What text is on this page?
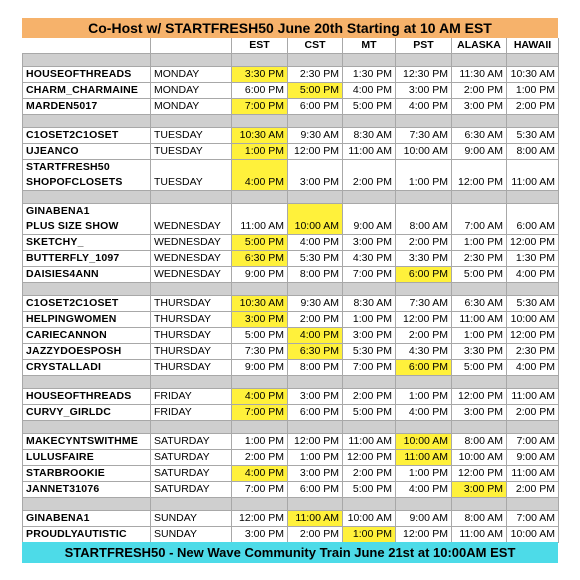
Co-Host w/ STARTFRESH50 June 20th Starting at 10 AM EST
		EST	CST	MT	PST	ALASKA	HAWAII

HOUSEOFTHREADS	MONDAY	3:30 PM	2:30 PM	1:30 PM	12:30 PM	11:30 AM	10:30 AM

CHARM_CHARMAINE	MONDAY	6:00 PM	5:00 PM	4:00 PM	3:00 PM	2:00 PM	1:00 PM

MARDEN5017	MONDAY	7:00 PM	6:00 PM	5:00 PM	4:00 PM	3:00 PM	2:00 PM

C1OSET2C1OSET	TUESDAY	10:30 AM	9:30 AM	8:30 AM	7:30 AM	6:30 AM	5:30 AM

UJEANCO	TUESDAY	1:00 PM	12:00 PM	11:00 AM	10:00 AM	9:00 AM	8:00 AM

STARTFRESH50
SHOPOFCLOSETS	TUESDAY	4:00 PM	3:00 PM	2:00 PM	1:00 PM	12:00 PM	11:00 AM

GINABENA1
PLUS SIZE SHOW	WEDNESDAY	11:00 AM	10:00 AM	9:00 AM	8:00 AM	7:00 AM	6:00 AM

SKETCHY_	WEDNESDAY	5:00 PM	4:00 PM	3:00 PM	2:00 PM	1:00 PM	12:00 PM

BUTTERFLY_1097	WEDNESDAY	6:30 PM	5:30 PM	4:30 PM	3:30 PM	2:30 PM	1:30 PM

DAISIES4ANN	WEDNESDAY	9:00 PM	8:00 PM	7:00 PM	6:00 PM	5:00 PM	4:00 PM

C1OSET2C1OSET	THURSDAY	10:30 AM	9:30 AM	8:30 AM	7:30 AM	6:30 AM	5:30 AM

HELPINGWOMEN	THURSDAY	3:00 PM	2:00 PM	1:00 PM	12:00 PM	11:00 AM	10:00 AM

CARIECANNON	THURSDAY	5:00 PM	4:00 PM	3:00 PM	2:00 PM	1:00 PM	12:00 PM

JAZZYDOESPOSH	THURSDAY	7:30 PM	6:30 PM	5:30 PM	4:30 PM	3:30 PM	2:30 PM

CRYSTALLADI	THURSDAY	9:00 PM	8:00 PM	7:00 PM	6:00 PM	5:00 PM	4:00 PM

HOUSEOFTHREADS	FRIDAY	4:00 PM	3:00 PM	2:00 PM	1:00 PM	12:00 PM	11:00 AM

CURVY_GIRLDC	FRIDAY	7:00 PM	6:00 PM	5:00 PM	4:00 PM	3:00 PM	2:00 PM

MAKECYNTSWITHME	SATURDAY	1:00 PM	12:00 PM	11:00 AM	10:00 AM	8:00 AM	7:00 AM

LULUSFAIRE	SATURDAY	2:00 PM	1:00 PM	12:00 PM	11:00 AM	10:00 AM	9:00 AM

STARBROOKIE	SATURDAY	4:00 PM	3:00 PM	2:00 PM	1:00 PM	12:00 PM	11:00 AM

JANNET31076	SATURDAY	7:00 PM	6:00 PM	5:00 PM	4:00 PM	3:00 PM	2:00 PM

GINABENA1	SUNDAY	12:00 PM	11:00 AM	10:00 AM	9:00 AM	8:00 AM	7:00 AM

PROUDLYAUTISTIC	SUNDAY	3:00 PM	2:00 PM	1:00 PM	12:00 PM	11:00 AM	10:00 AM
STARTFRESH50 - New Wave Community Train June 21st at 10:00AM EST
